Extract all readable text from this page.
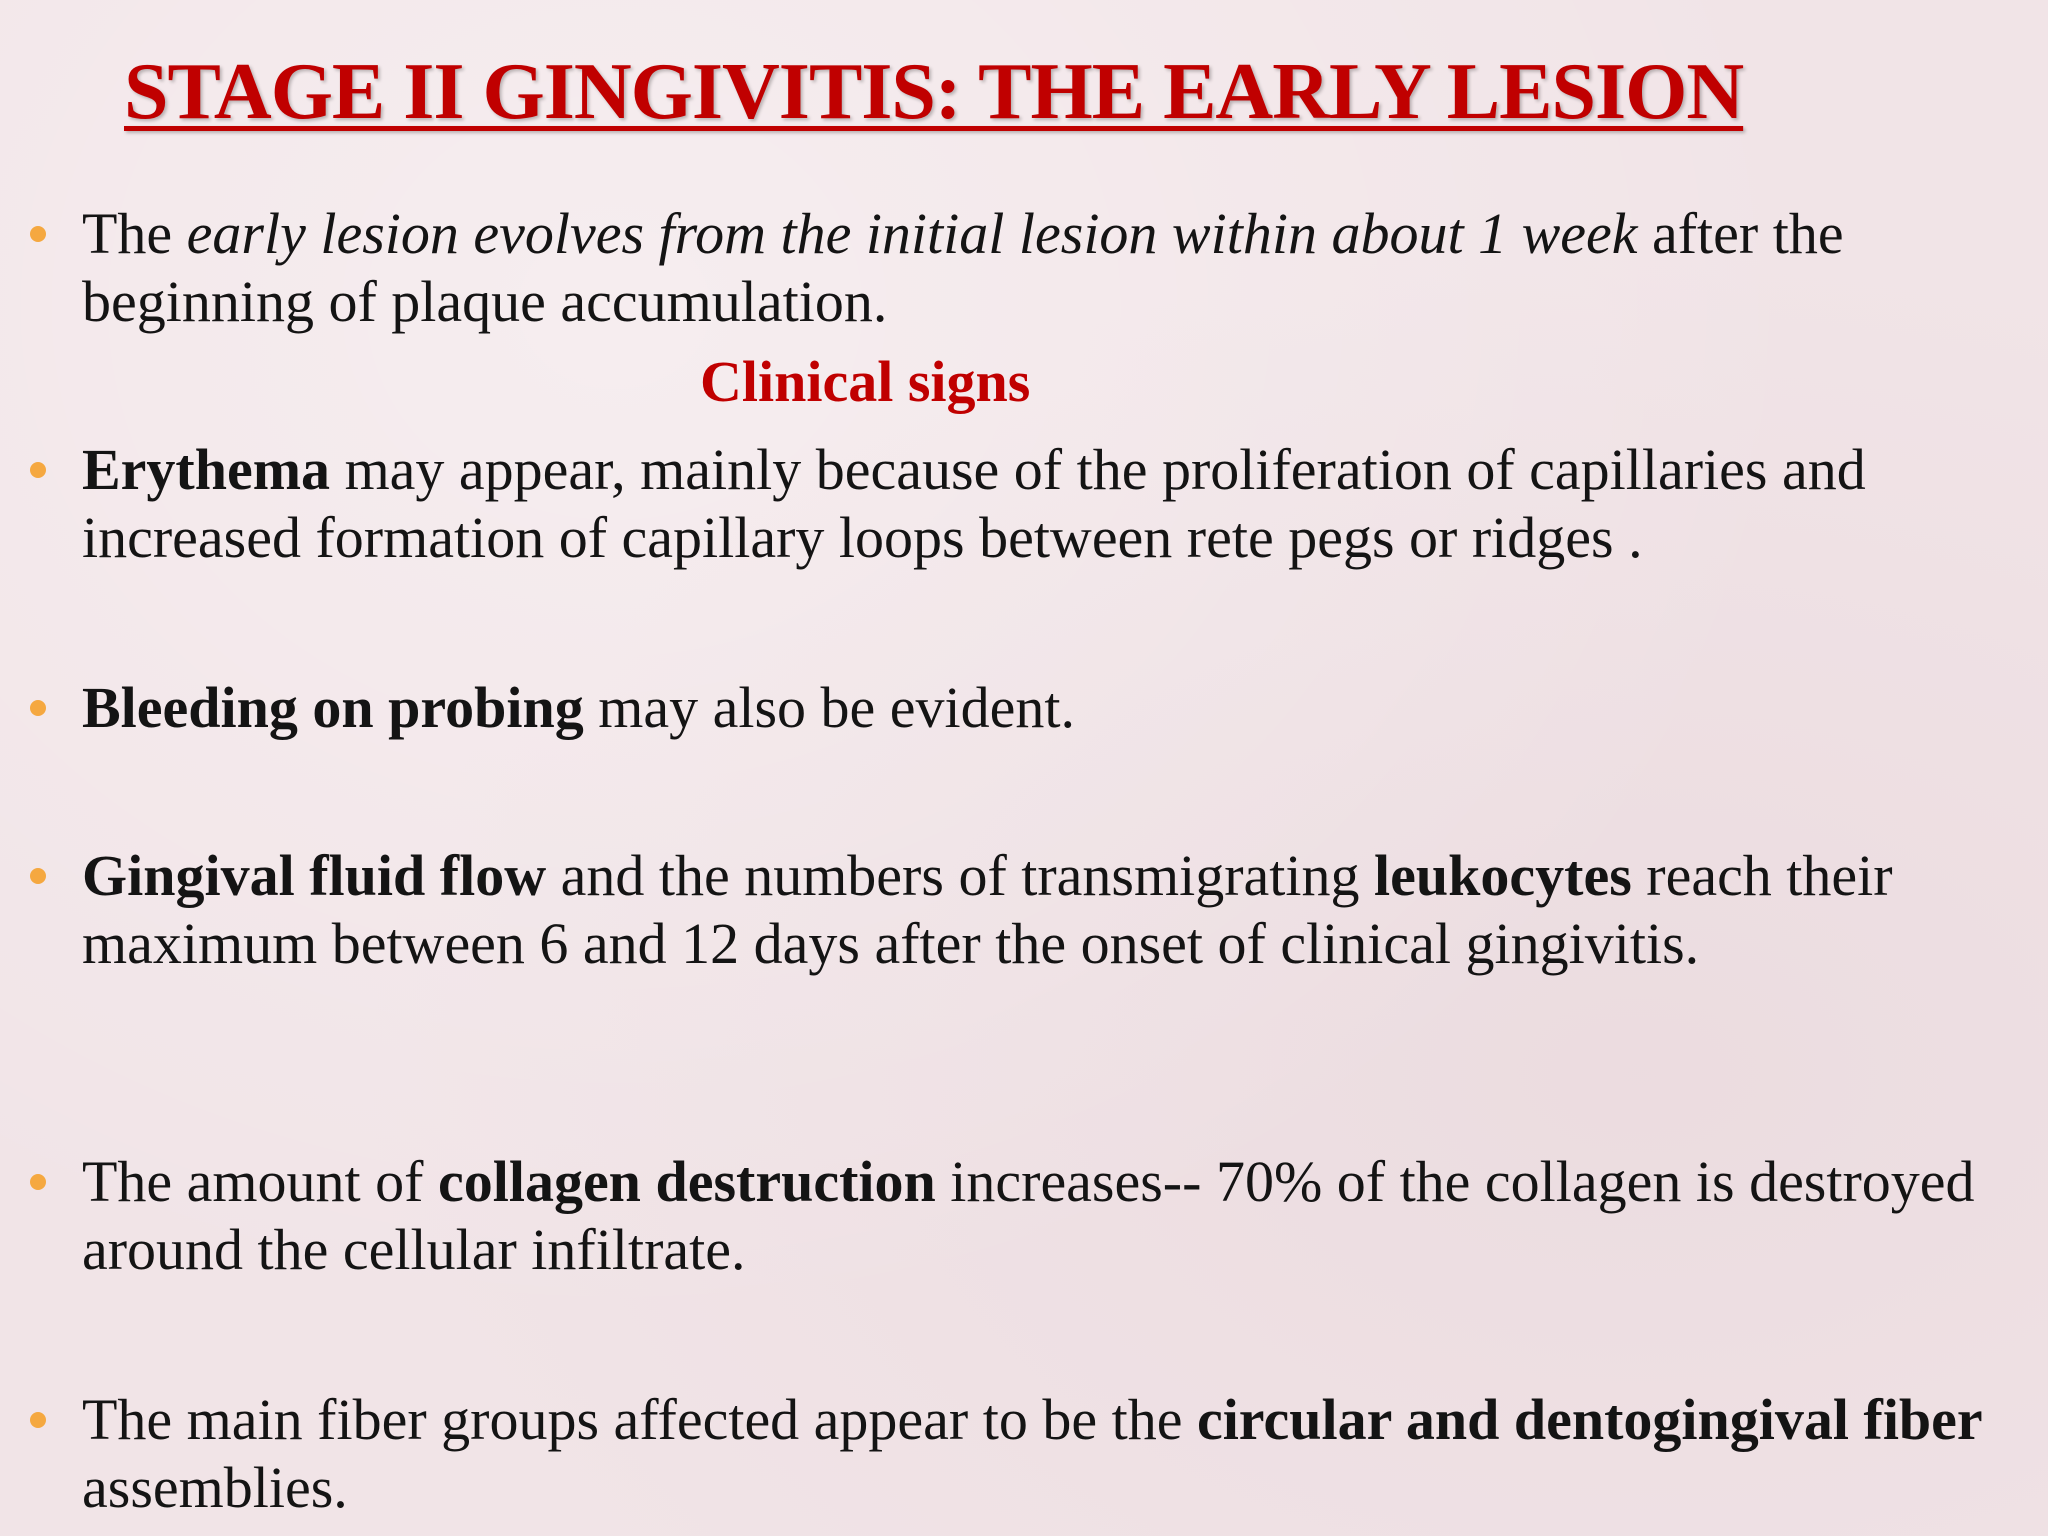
STAGE II GINGIVITIS: THE EARLY LESION
The early lesion evolves from the initial lesion within about 1 week after the beginning of plaque accumulation.
Clinical signs
Erythema may appear, mainly because of the proliferation of capillaries and increased formation of capillary loops between rete pegs or ridges .
Bleeding on probing may also be evident.
Gingival fluid flow and the numbers of transmigrating leukocytes reach their maximum between 6 and 12 days after the onset of clinical gingivitis.
The amount of collagen destruction increases-- 70% of the collagen is destroyed around the cellular infiltrate.
The main fiber groups affected appear to be the circular and dentogingival fiber assemblies.
